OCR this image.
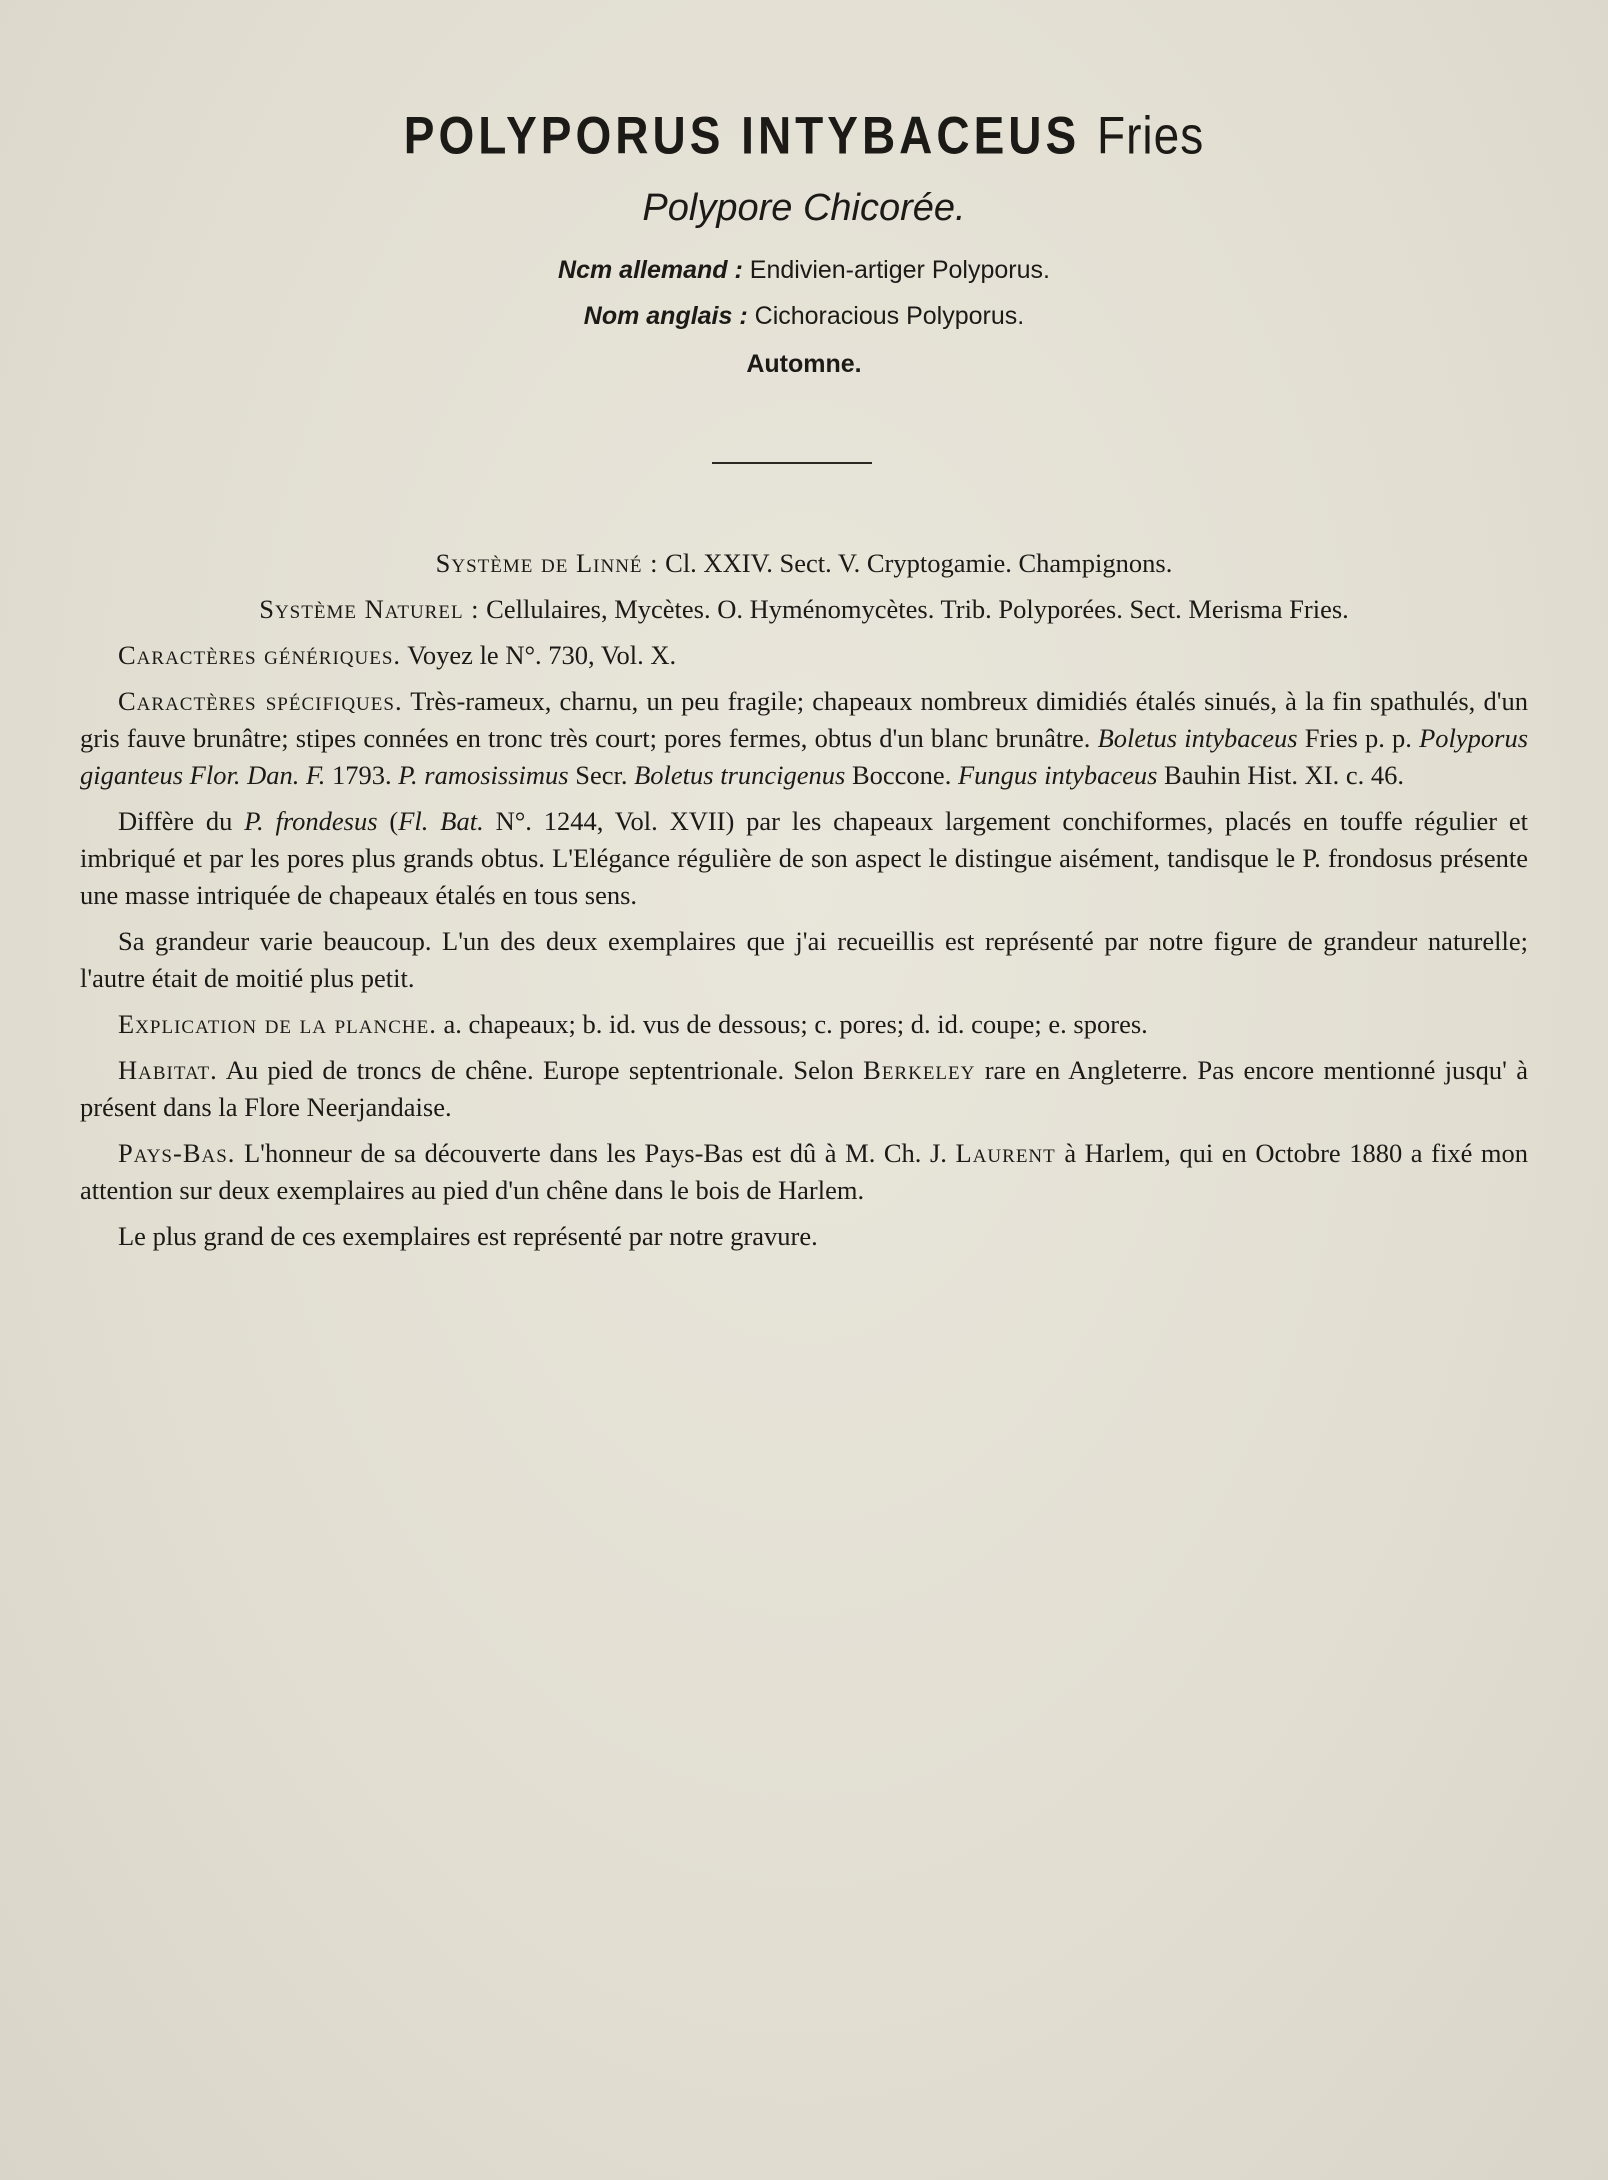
POLYPORUS INTYBACEUS Fries
Polypore Chicorée.
Ncm allemand : Endivien-artiger Polyporus.
Nom anglais : Cichoracious Polyporus.
Automne.
Système de Linné : Cl. XXIV. Sect. V. Cryptogamie. Champignons.
Système Naturel : Cellulaires, Mycètes. O. Hyménomycètes. Trib. Polyporées. Sect. Merisma Fries.

Caractères génériques. Voyez le N°. 730, Vol. X.

Caractères spécifiques. Très-rameux, charnu, un peu fragile; chapeaux nombreux dimidiés étalés sinués, à la fin spathulés, d'un gris fauve brunâtre; stipes connées en tronc très court; pores fermes, obtus d'un blanc brunâtre. Boletus intybaceus Fries p. p. Polyporus giganteus Flor. Dan. F. 1793. P. ramosissimus Secr. Boletus truncigenus Boccone. Fungus intybaceus Bauhin Hist. XI. c. 46.

Diffère du P. frondesus (Fl. Bat. N°. 1244, Vol. XVII) par les chapeaux largement conchiformes, placés en touffe régulier et imbriqué et par les pores plus grands obtus. L'Elégance régulière de son aspect le distingue aisément, tandisque le P. frondosus présente une masse intriquée de chapeaux étalés en tous sens.

Sa grandeur varie beaucoup. L'un des deux exemplaires que j'ai recueillis est représenté par notre figure de grandeur naturelle; l'autre était de moitié plus petit.

Explication de la planche. a. chapeaux; b. id. vus de dessous; c. pores; d. id. coupe; e. spores.

Habitat. Au pied de troncs de chêne. Europe septentrionale. Selon Berkeley rare en Angleterre. Pas encore mentionné jusqu' à présent dans la Flore Neerjandaise.

Pays-Bas. L'honneur de sa découverte dans les Pays-Bas est dû à M. Ch. J. Laurent à Harlem, qui en Octobre 1880 a fixé mon attention sur deux exemplaires au pied d'un chêne dans le bois de Harlem.

Le plus grand de ces exemplaires est représenté par notre gravure.
